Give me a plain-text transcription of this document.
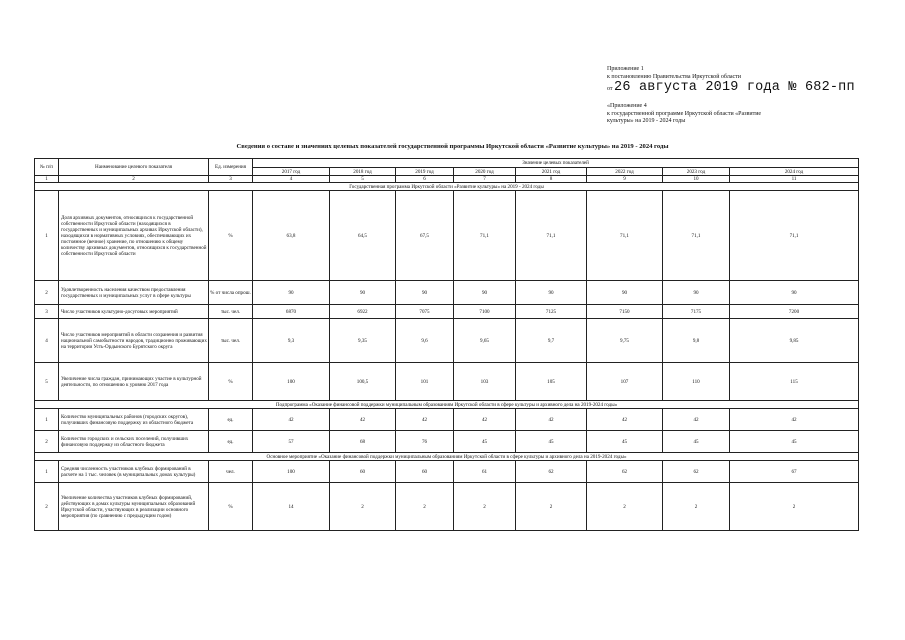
Приложение 1
к постановлению Правительства Иркутской области
от 26 августа 2019 года № 682-пп
«Приложение 4
к государственной программе Иркутской области «Развитие
культуры» на 2019 - 2024 годы
Сведения о составе и значениях целевых показателей государственной программы Иркутской области «Развитие культуры» на 2019 - 2024 годы
№ п/п	Наименование целевого показателя	Ед. измерения	Значение целевых показателей							
			2017 год	2018 год	2019 год	2020 год	2021 год	2022 год	2023 год	2024 год
1	2	3	4	5	6	7	8	9	10	11
Государственная программа Иркутской области «Развитие культуры» на 2019 - 2024 годы										
1	Доля архивных документов, относящихся к государственной собственности Иркутской области (находящихся в государственных и муниципальных архивах Иркутской области), находящихся в нормативных условиях, обеспечивающих их постоянное (вечное) хранение, по отношению к общему количеству архивных документов, относящихся к государственной собственности Иркутской области	%	63,8	64,5	67,5	71,1	71,1	71,1	71,1	71,1
2	Удовлетворенность населения качеством предоставления государственных и муниципальных услуг в сфере культуры	% от числа опрош.	90	90	90	90	90	90	90	90
3	Число участников культурно-досуговых мероприятий	тыс. чел.	6870	6922	7075	7100	7125	7150	7175	7200
4	Число участников мероприятий в области сохранения и развития национальной самобытности народов, традиционно проживающих на территории Усть-Ордынского Бурятского округа	тыс. чел.	9,3	9,35	9,6	9,65	9,7	9,75	9,8	9,85
5	Увеличение числа граждан, принимающих участие в культурной деятельности, по отношению к уровню 2017 года	%	100	100,5	101	103	105	107	110	115
Подпрограмма «Оказание финансовой поддержки муниципальным образованиям Иркутской области в сфере культуры и архивного дела на 2019-2024 годы»										
1	Количество муниципальных районов (городских округов), получивших финансовую поддержку из областного бюджета	ед.	42	42	42	42	42	42	42	42
2	Количество городских и сельских поселений, получивших финансовую поддержку из областного бюджета	ед.	57	68	76	45	45	45	45	45
Основное мероприятие «Оказание финансовой поддержки муниципальным образованиям Иркутской области в сфере культуры и архивного дела на 2019-2024 годы»										
1	Средняя численность участников клубных формирований в расчете на 1 тыс. человек (в муниципальных домах культуры)	чел.	100	60	60	61	62	62	62	67
2	Увеличение количества участников клубных формирований, действующих в домах культуры муниципальных образований Иркутской области, участвующих в реализации основного мероприятия (по сравнению с предыдущим годом)	%	14	2	2	2	2	2	2	2
